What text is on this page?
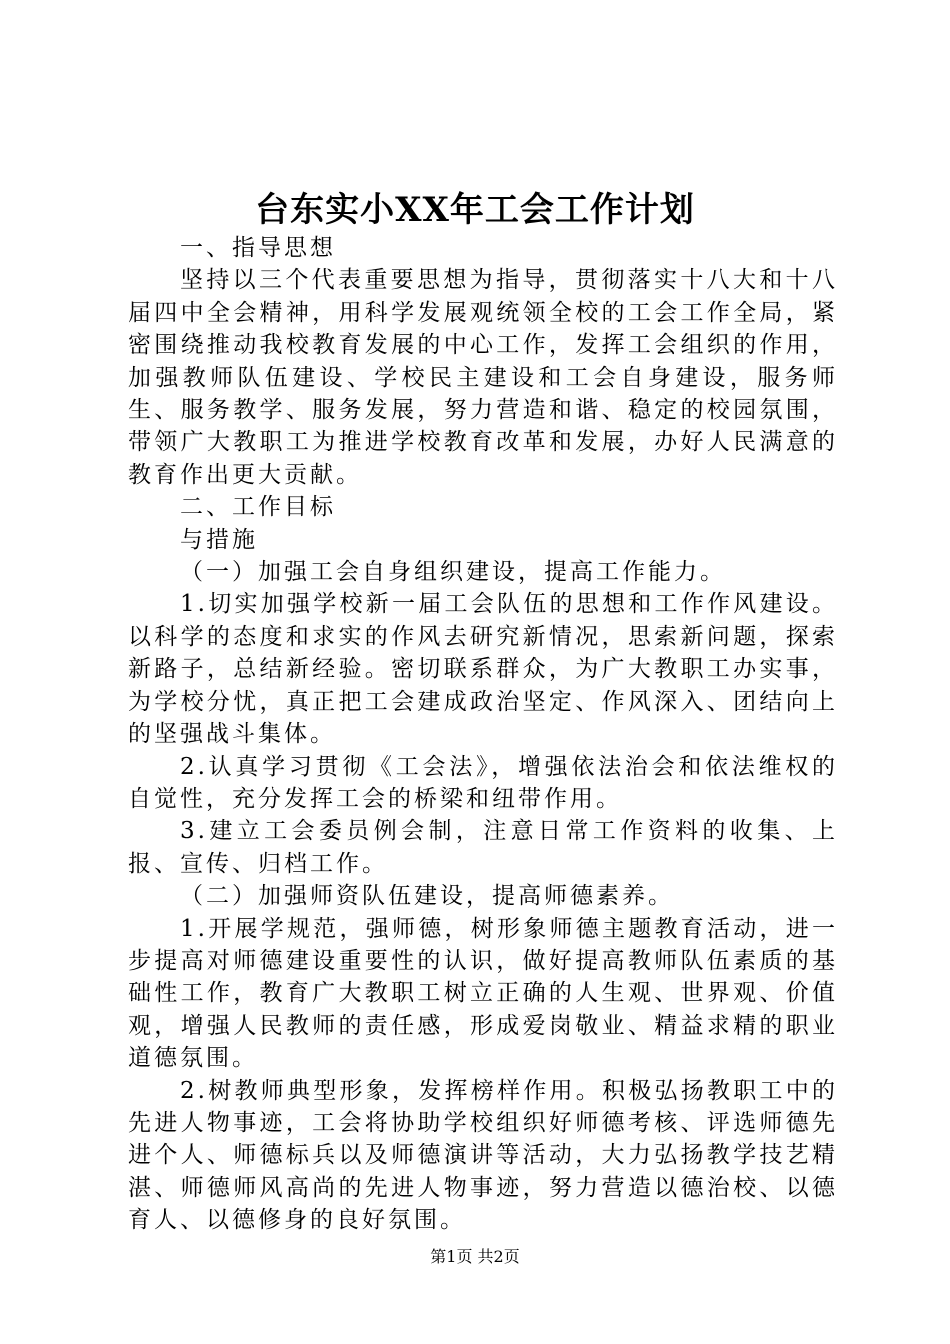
台东实小XX年工会工作计划

一、指导思想

坚持以三个代表重要思想为指导，贯彻落实十八大和十八届四中全会精神，用科学发展观统领全校的工会工作全局，紧密围绕推动我校教育发展的中心工作，发挥工会组织的作用，加强教师队伍建设、学校民主建设和工会自身建设，服务师生、服务教学、服务发展，努力营造和谐、稳定的校园氛围，带领广大教职工为推进学校教育改革和发展，办好人民满意的教育作出更大贡献。

二、工作目标

与措施

（一）加强工会自身组织建设，提高工作能力。

1.切实加强学校新一届工会队伍的思想和工作作风建设。以科学的态度和求实的作风去研究新情况，思索新问题，探索新路子，总结新经验。密切联系群众，为广大教职工办实事，为学校分忧，真正把工会建成政治坚定、作风深入、团结向上的坚强战斗集体。

2.认真学习贯彻《工会法》，增强依法治会和依法维权的自觉性，充分发挥工会的桥梁和纽带作用。

3.建立工会委员例会制，注意日常工作资料的收集、上报、宣传、归档工作。

（二）加强师资队伍建设，提高师德素养。

1.开展学规范，强师德，树形象师德主题教育活动，进一步提高对师德建设重要性的认识，做好提高教师队伍素质的基础性工作，教育广大教职工树立正确的人生观、世界观、价值观，增强人民教师的责任感，形成爱岗敬业、精益求精的职业道德氛围。

2.树教师典型形象，发挥榜样作用。积极弘扬教职工中的先进人物事迹，工会将协助学校组织好师德考核、评选师德先进个人、师德标兵以及师德演讲等活动，大力弘扬教学技艺精湛、师德师风高尚的先进人物事迹，努力营造以德治校、以德育人、以德修身的良好氛围。

第1页 共2页
